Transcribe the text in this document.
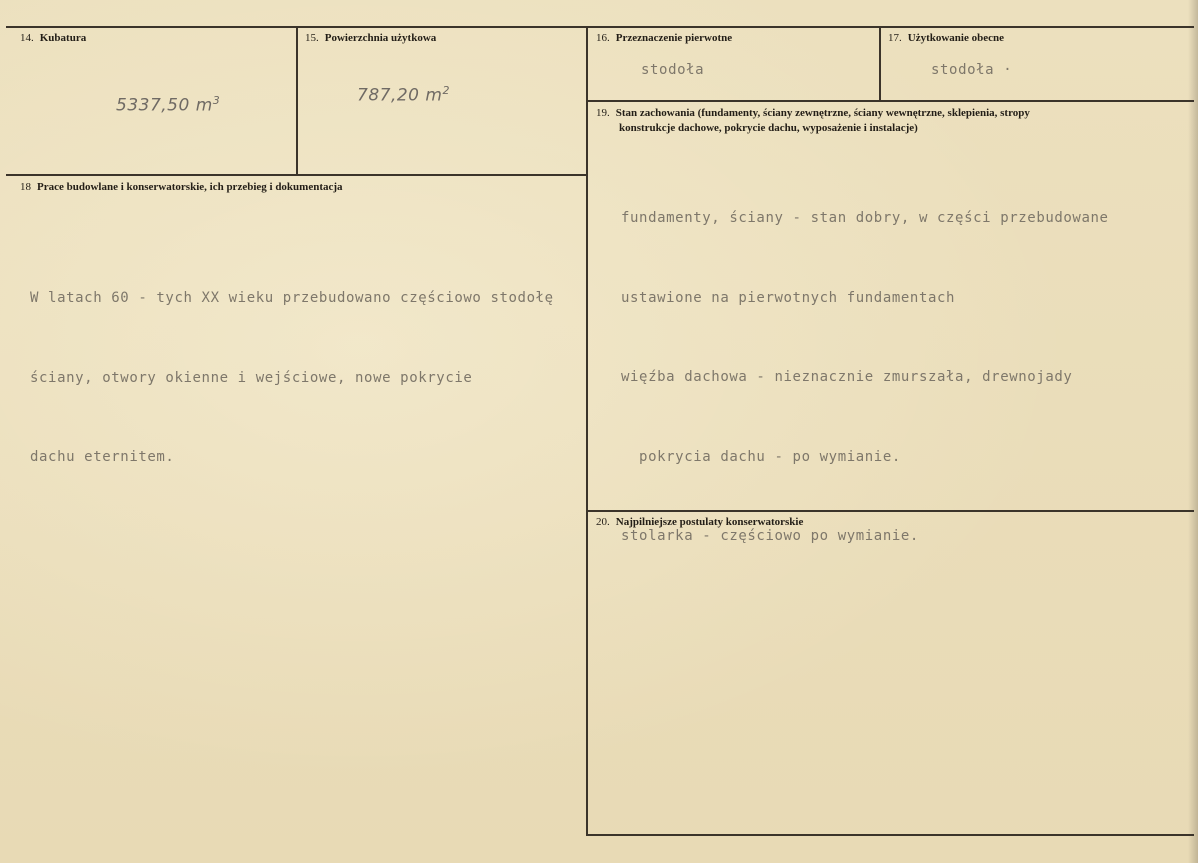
14. Kubatura
5337,50 $m^3$
15. Powierzchnia użytkowa
787,20 $m^2$
16. Przeznaczenie pierwotne
stodoła
17. Użytkowanie obecne
stodoła ·
18 Prace budowlane i konserwatorskie, ich przebieg i dokumentacja

W latach 60 - tych XX wieku przebudowano częściowo stodołę

ściany, otwory okienne i wejściowe, nowe pokrycie

dachu eternitem.

19. Stan zachowania (fundamenty, ściany zewnętrzne, ściany wewnętrzne, sklepienia, stropy
konstrukcje dachowe, pokrycie dachu, wyposażenie i instalacje)

fundamenty, ściany - stan dobry, w części przebudowane

ustawione na pierwotnych fundamentach

więźba dachowa - nieznacznie zmurszała, drewnojady

pokrycia dachu - po wymianie.

stolarka - częściowo po wymianie.

20. Najpilniejsze postulaty konserwatorskie
